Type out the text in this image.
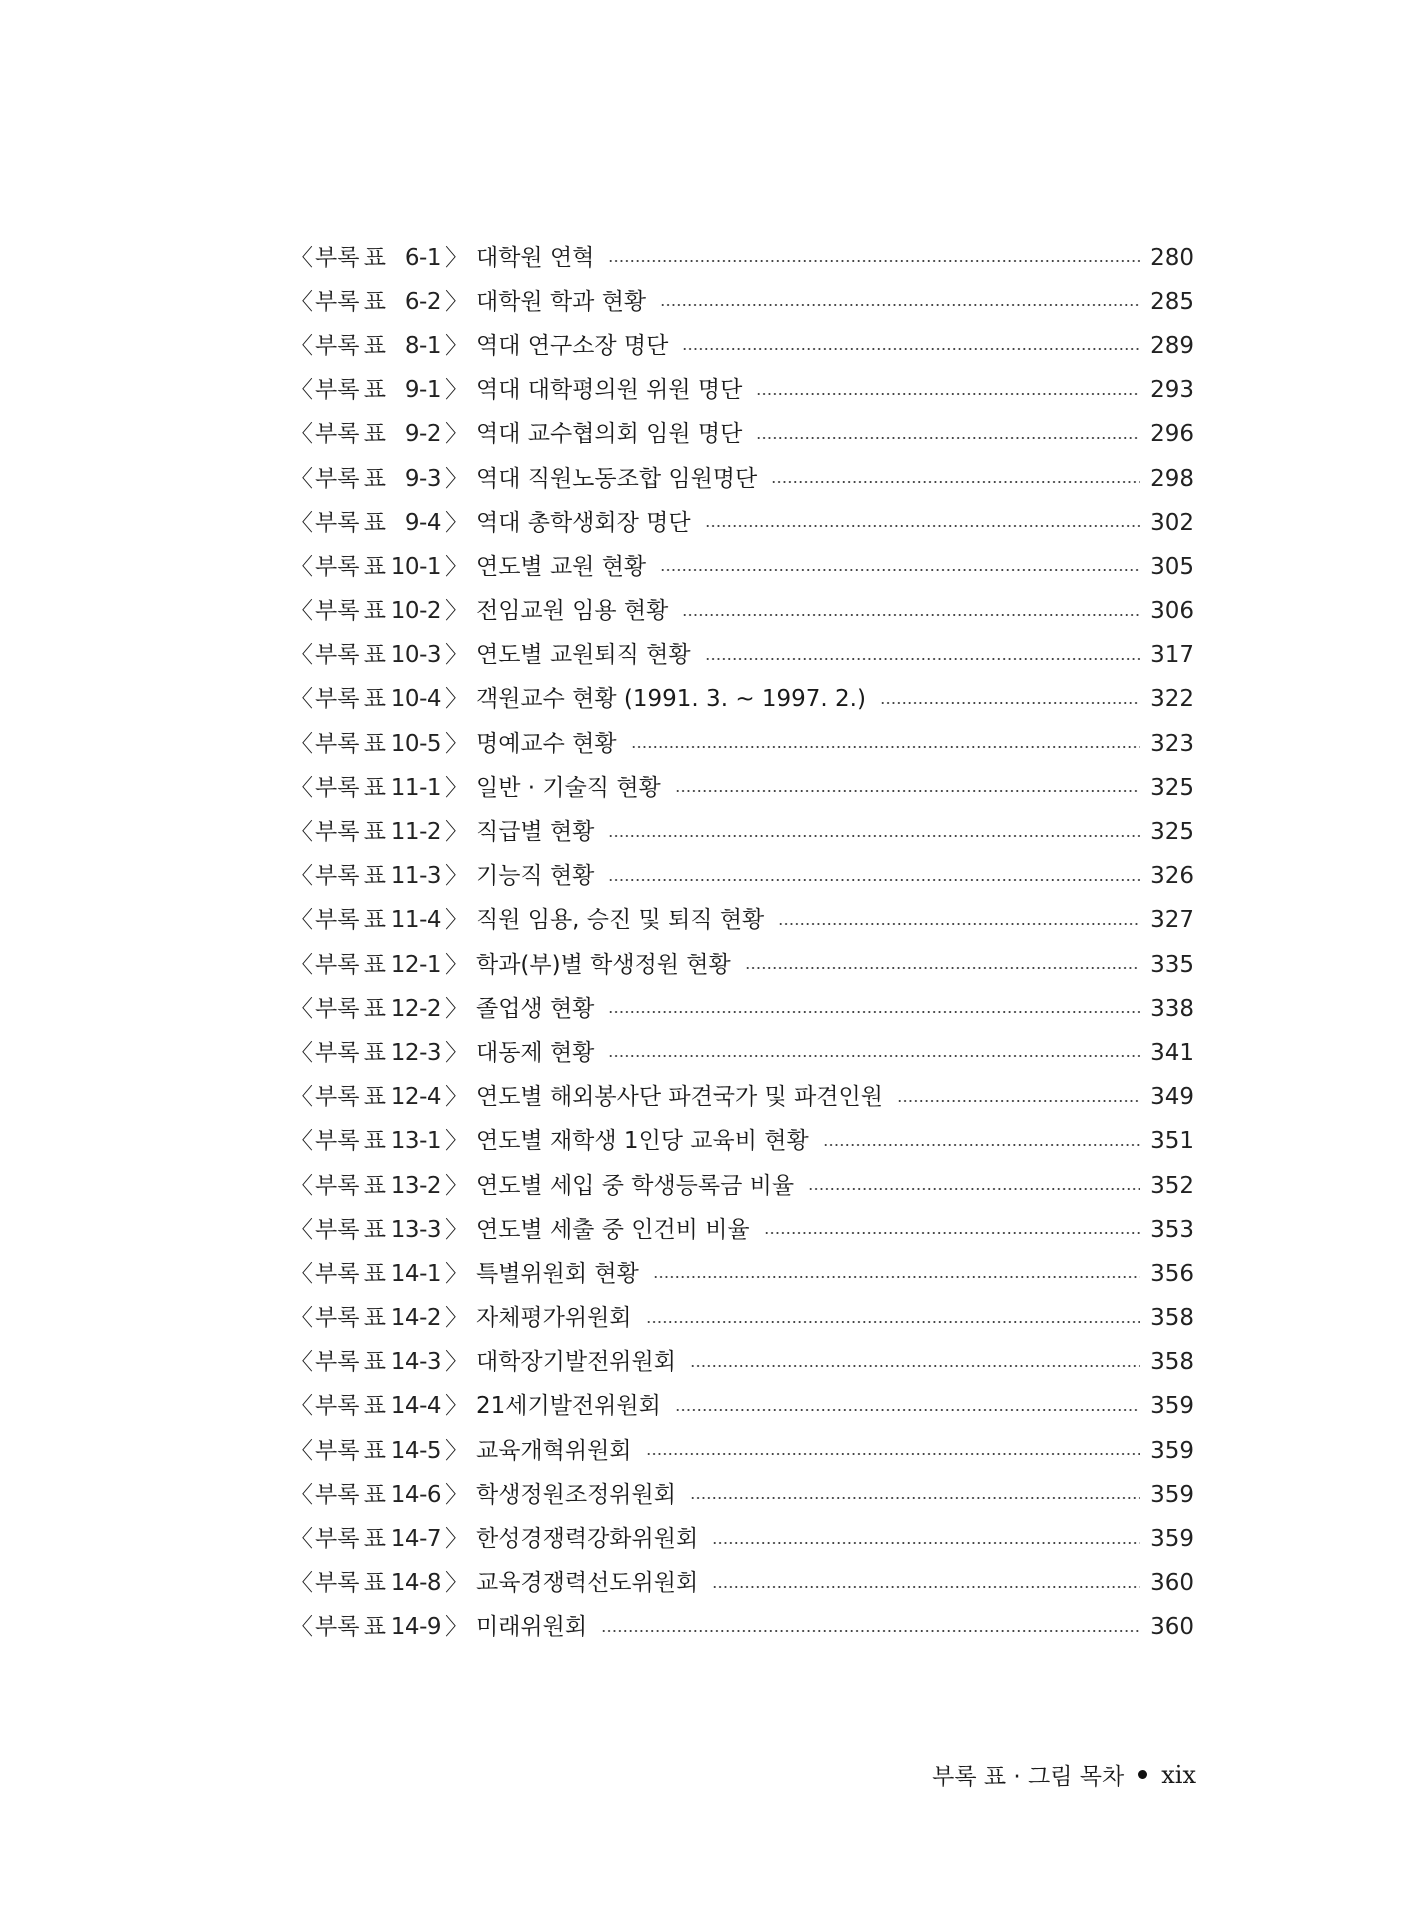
〈 부록 표 6-1 〉 대학원 연혁	280
〈 부록 표 6-2 〉 대학원 학과 현황	285
〈 부록 표 8-1 〉 역대 연구소장 명단	289
〈 부록 표 9-1 〉 역대 대학평의원 위원 명단	293
〈 부록 표 9-2 〉 역대 교수협의회 임원 명단	296
〈 부록 표 9-3 〉 역대 직원노동조합 임원명단	298
〈 부록 표 9-4 〉 역대 총학생회장 명단	302
〈 부록 표 10-1 〉 연도별 교원 현황	305
〈 부록 표 10-2 〉 전임교원 임용 현황	306
〈 부록 표 10-3 〉 연도별 교원퇴직 현황	317
〈 부록 표 10-4 〉 객원교수 현황 (1991. 3. ~ 1997. 2.)	322
〈 부록 표 10-5 〉 명예교수 현황	323
〈 부록 표 11-1 〉 일반 · 기술직 현황	325
〈 부록 표 11-2 〉 직급별 현황	325
〈 부록 표 11-3 〉 기능직 현황	326
〈 부록 표 11-4 〉 직원 임용, 승진 및 퇴직 현황	327
〈 부록 표 12-1 〉 학과(부)별 학생정원 현황	335
〈 부록 표 12-2 〉 졸업생 현황	338
〈 부록 표 12-3 〉 대동제 현황	341
〈 부록 표 12-4 〉 연도별 해외봉사단 파견국가 및 파견인원	349
〈 부록 표 13-1 〉 연도별 재학생 1인당 교육비 현황	351
〈 부록 표 13-2 〉 연도별 세입 중 학생등록금 비율	352
〈 부록 표 13-3 〉 연도별 세출 중 인건비 비율	353
〈 부록 표 14-1 〉 특별위원회 현황	356
〈 부록 표 14-2 〉 자체평가위원회	358
〈 부록 표 14-3 〉 대학장기발전위원회	358
〈 부록 표 14-4 〉 21세기발전위원회	359
〈 부록 표 14-5 〉 교육개혁위원회	359
〈 부록 표 14-6 〉 학생정원조정위원회	359
〈 부록 표 14-7 〉 한성경쟁력강화위원회	359
〈 부록 표 14-8 〉 교육경쟁력선도위원회	360
〈 부록 표 14-9 〉 미래위원회	360
부록 표 · 그림 목차 xix
